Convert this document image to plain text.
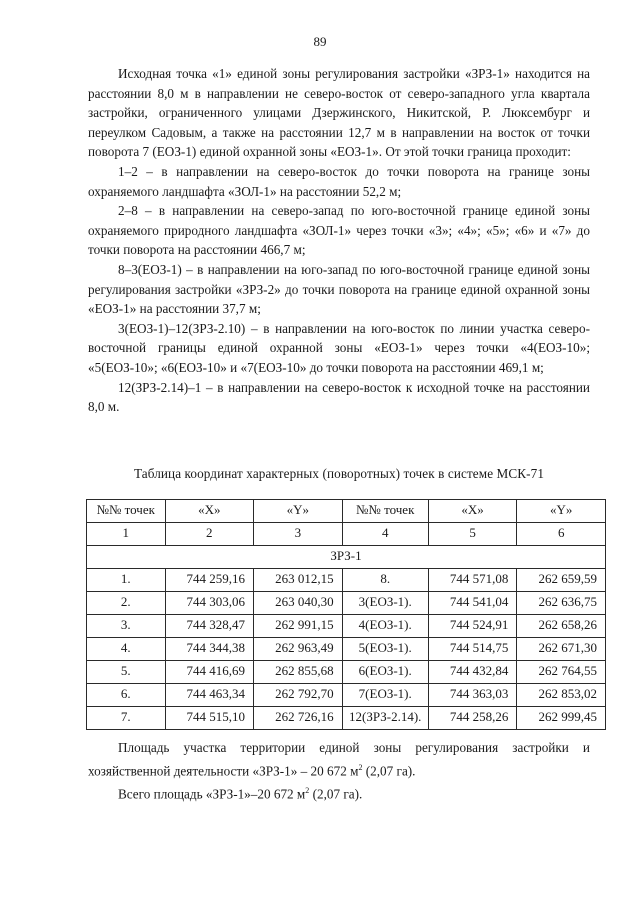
89

Исходная точка «1» единой зоны регулирования застройки «ЗРЗ-1» находится на расстоянии 8,0 м в направлении не северо-восток от северо-западного угла квартала застройки, ограниченного улицами Дзержинского, Никитской, Р. Люксембург и переулком Садовым, а также на расстоянии 12,7 м в направлении на восток от точки поворота 7 (ЕОЗ-1) единой охранной зоны «ЕОЗ-1». От этой точки граница проходит:

1–2 – в направлении на северо-восток до точки поворота на границе зоны охраняемого ландшафта «ЗОЛ-1» на расстоянии 52,2 м;

2–8 – в направлении на северо-запад по юго-восточной границе единой зоны охраняемого природного ландшафта «ЗОЛ-1» через точки «3»; «4»; «5»; «6» и «7» до точки поворота на расстоянии 466,7 м;

8–3(ЕОЗ-1) – в направлении на юго-запад по юго-восточной границе единой зоны регулирования застройки «ЗРЗ-2» до точки поворота на границе единой охранной зоны «ЕОЗ-1» на расстоянии 37,7 м;

3(ЕОЗ-1)–12(ЗРЗ-2.10) – в направлении на юго-восток по линии участка северо-восточной границы единой охранной зоны «ЕОЗ-1» через точки «4(ЕОЗ-10»; «5(ЕОЗ-10»; «6(ЕОЗ-10» и «7(ЕОЗ-10» до точки поворота на расстоянии 469,1 м;

12(ЗРЗ-2.14)–1 – в направлении на северо-восток к исходной точке на расстоянии 8,0 м.

Таблица координат характерных (поворотных) точек в системе МСК-71
№№ точек	«X»	«Y»	№№ точек	«X»	«Y»
1	2	3	4	5	6
ЗРЗ-1					
1.	744 259,16	263 012,15	8.	744 571,08	262 659,59
2.	744 303,06	263 040,30	3(ЕОЗ-1).	744 541,04	262 636,75
3.	744 328,47	262 991,15	4(ЕОЗ-1).	744 524,91	262 658,26
4.	744 344,38	262 963,49	5(ЕОЗ-1).	744 514,75	262 671,30
5.	744 416,69	262 855,68	6(ЕОЗ-1).	744 432,84	262 764,55
6.	744 463,34	262 792,70	7(ЕОЗ-1).	744 363,03	262 853,02
7.	744 515,10	262 726,16	12(ЗРЗ-2.14).	744 258,26	262 999,45

Площадь участка территории единой зоны регулирования застройки и хозяйственной деятельности «ЗРЗ-1» – 20 672 $м^2$ (2,07 га).

Всего площадь «ЗРЗ-1»–20 672 $м^2$ (2,07 га).
